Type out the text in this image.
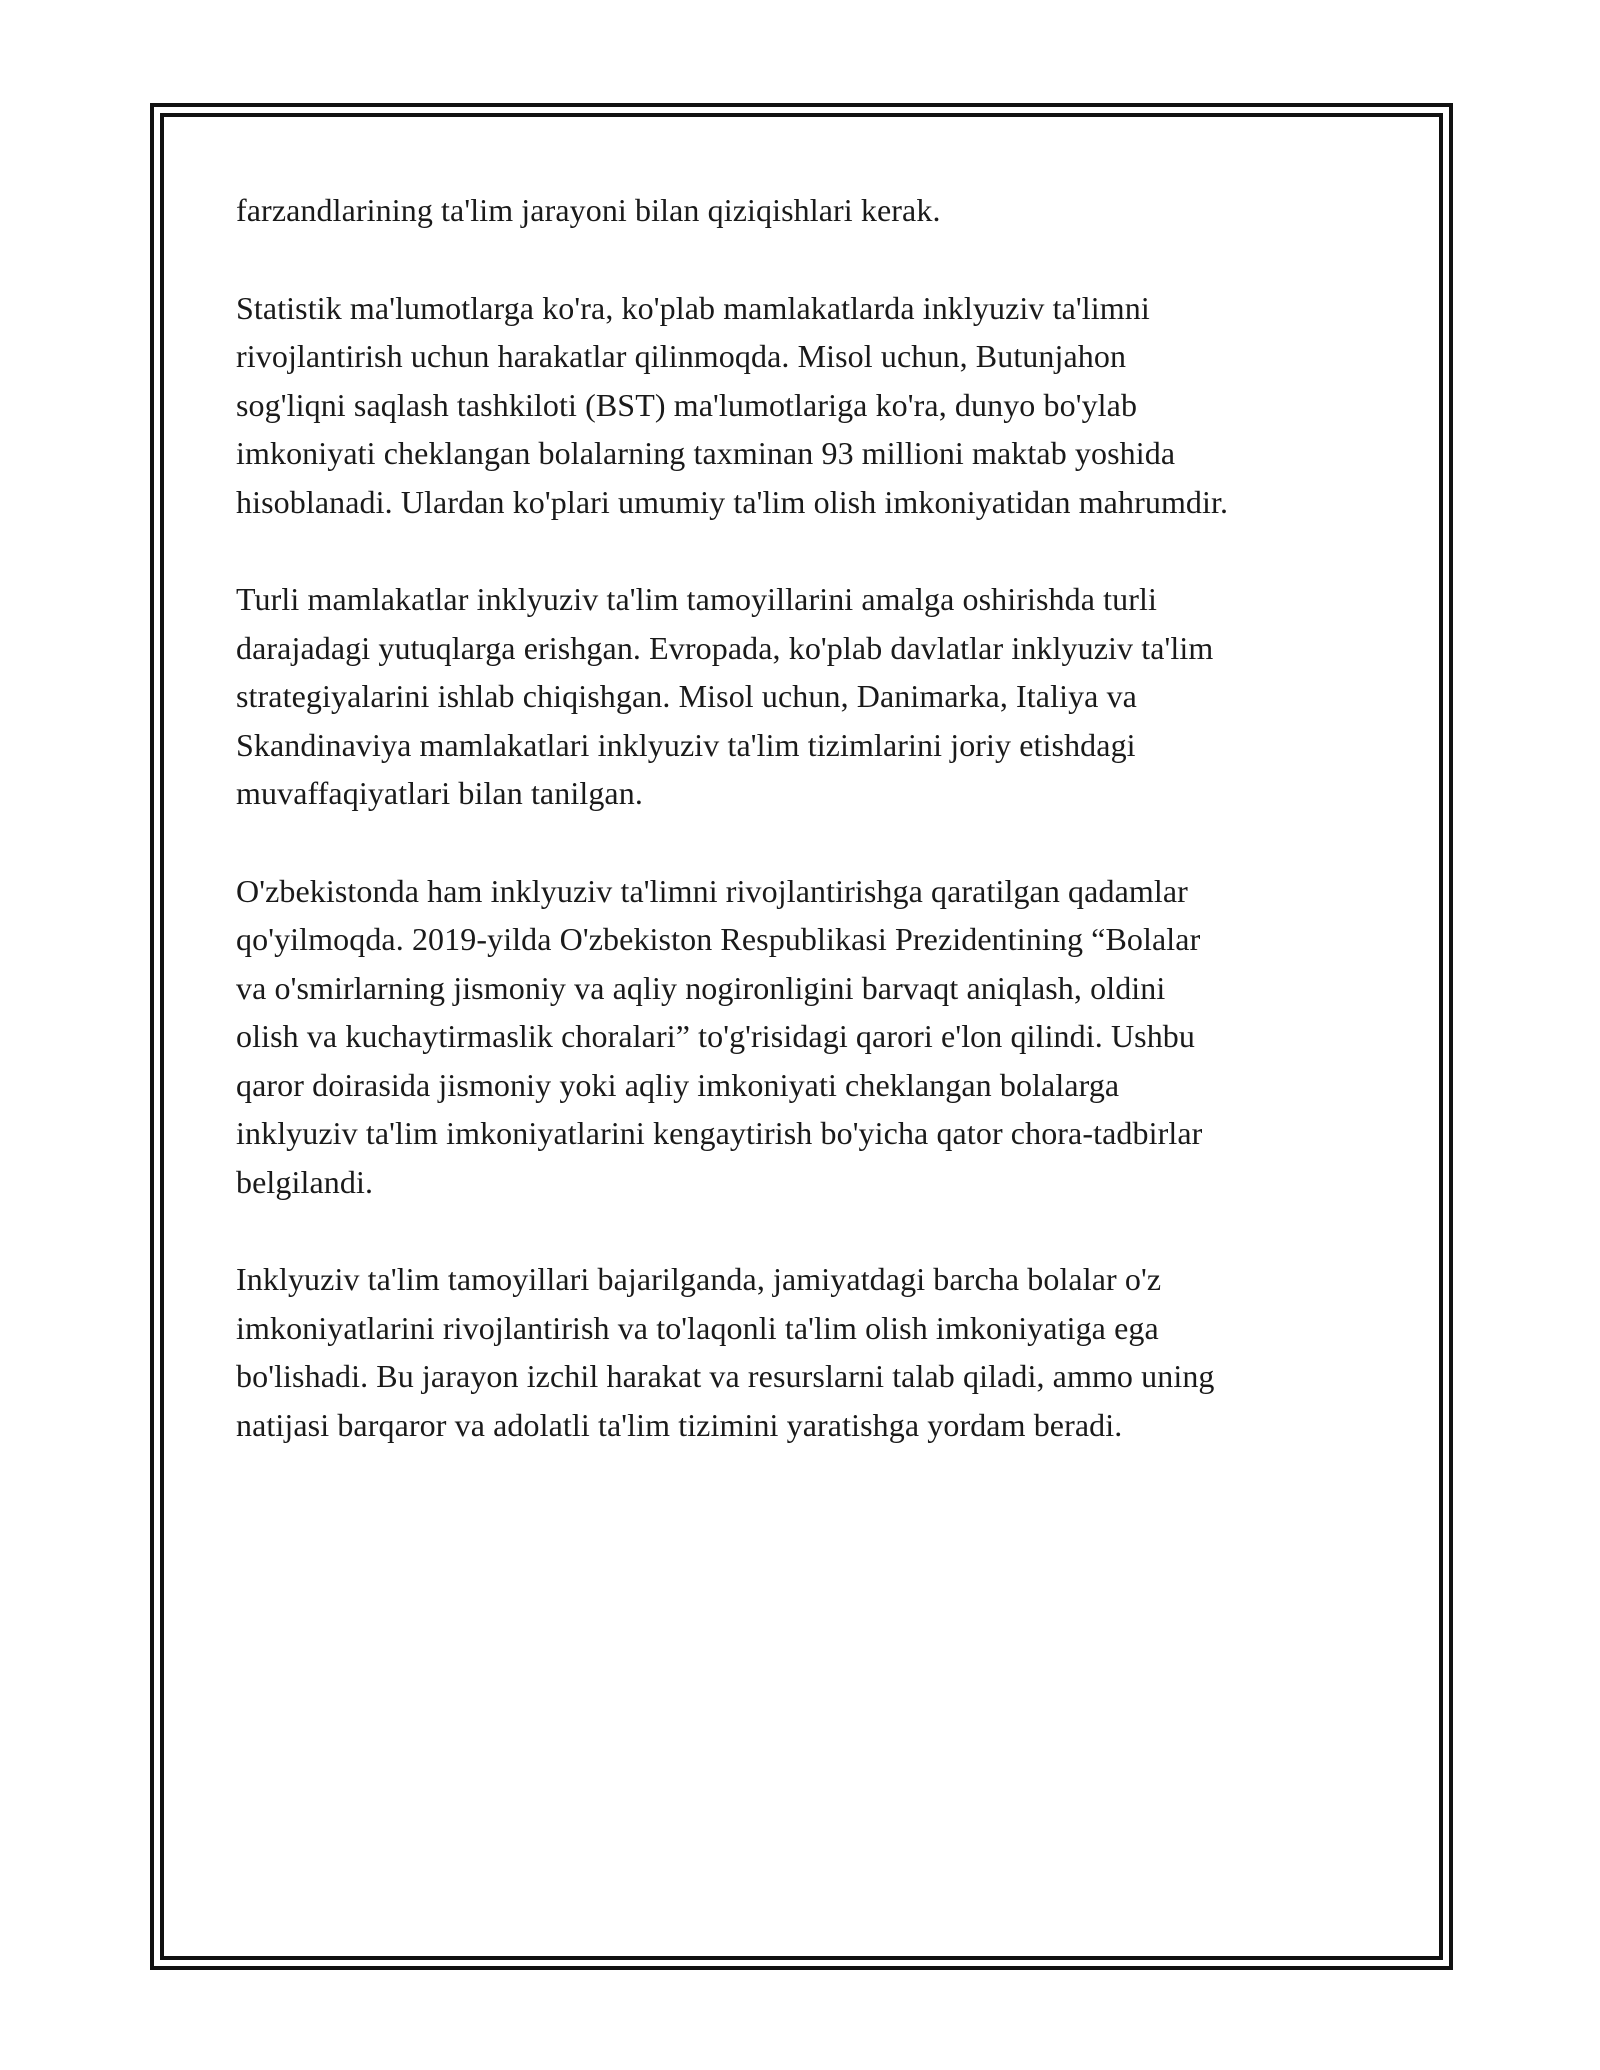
farzandlarining ta'lim jarayoni bilan qiziqishlari kerak.

Statistik ma'lumotlarga ko'ra, ko'plab mamlakatlarda inklyuziv ta'limni
rivojlantirish uchun harakatlar qilinmoqda. Misol uchun, Butunjahon
sog'liqni saqlash tashkiloti (BST) ma'lumotlariga ko'ra, dunyo bo'ylab
imkoniyati cheklangan bolalarning taxminan 93 millioni maktab yoshida
hisoblanadi. Ulardan ko'plari umumiy ta'lim olish imkoniyatidan mahrumdir.

Turli mamlakatlar inklyuziv ta'lim tamoyillarini amalga oshirishda turli
darajadagi yutuqlarga erishgan. Evropada, ko'plab davlatlar inklyuziv ta'lim
strategiyalarini ishlab chiqishgan. Misol uchun, Danimarka, Italiya va
Skandinaviya mamlakatlari inklyuziv ta'lim tizimlarini joriy etishdagi
muvaffaqiyatlari bilan tanilgan.

O'zbekistonda ham inklyuziv ta'limni rivojlantirishga qaratilgan qadamlar
qo'yilmoqda. 2019-yilda O'zbekiston Respublikasi Prezidentining “Bolalar
va o'smirlarning jismoniy va aqliy nogironligini barvaqt aniqlash, oldini
olish va kuchaytirmaslik choralari” to'g'risidagi qarori e'lon qilindi. Ushbu
qaror doirasida jismoniy yoki aqliy imkoniyati cheklangan bolalarga
inklyuziv ta'lim imkoniyatlarini kengaytirish bo'yicha qator chora-tadbirlar
belgilandi.

Inklyuziv ta'lim tamoyillari bajarilganda, jamiyatdagi barcha bolalar o'z
imkoniyatlarini rivojlantirish va to'laqonli ta'lim olish imkoniyatiga ega
bo'lishadi. Bu jarayon izchil harakat va resurslarni talab qiladi, ammo uning
natijasi barqaror va adolatli ta'lim tizimini yaratishga yordam beradi.
